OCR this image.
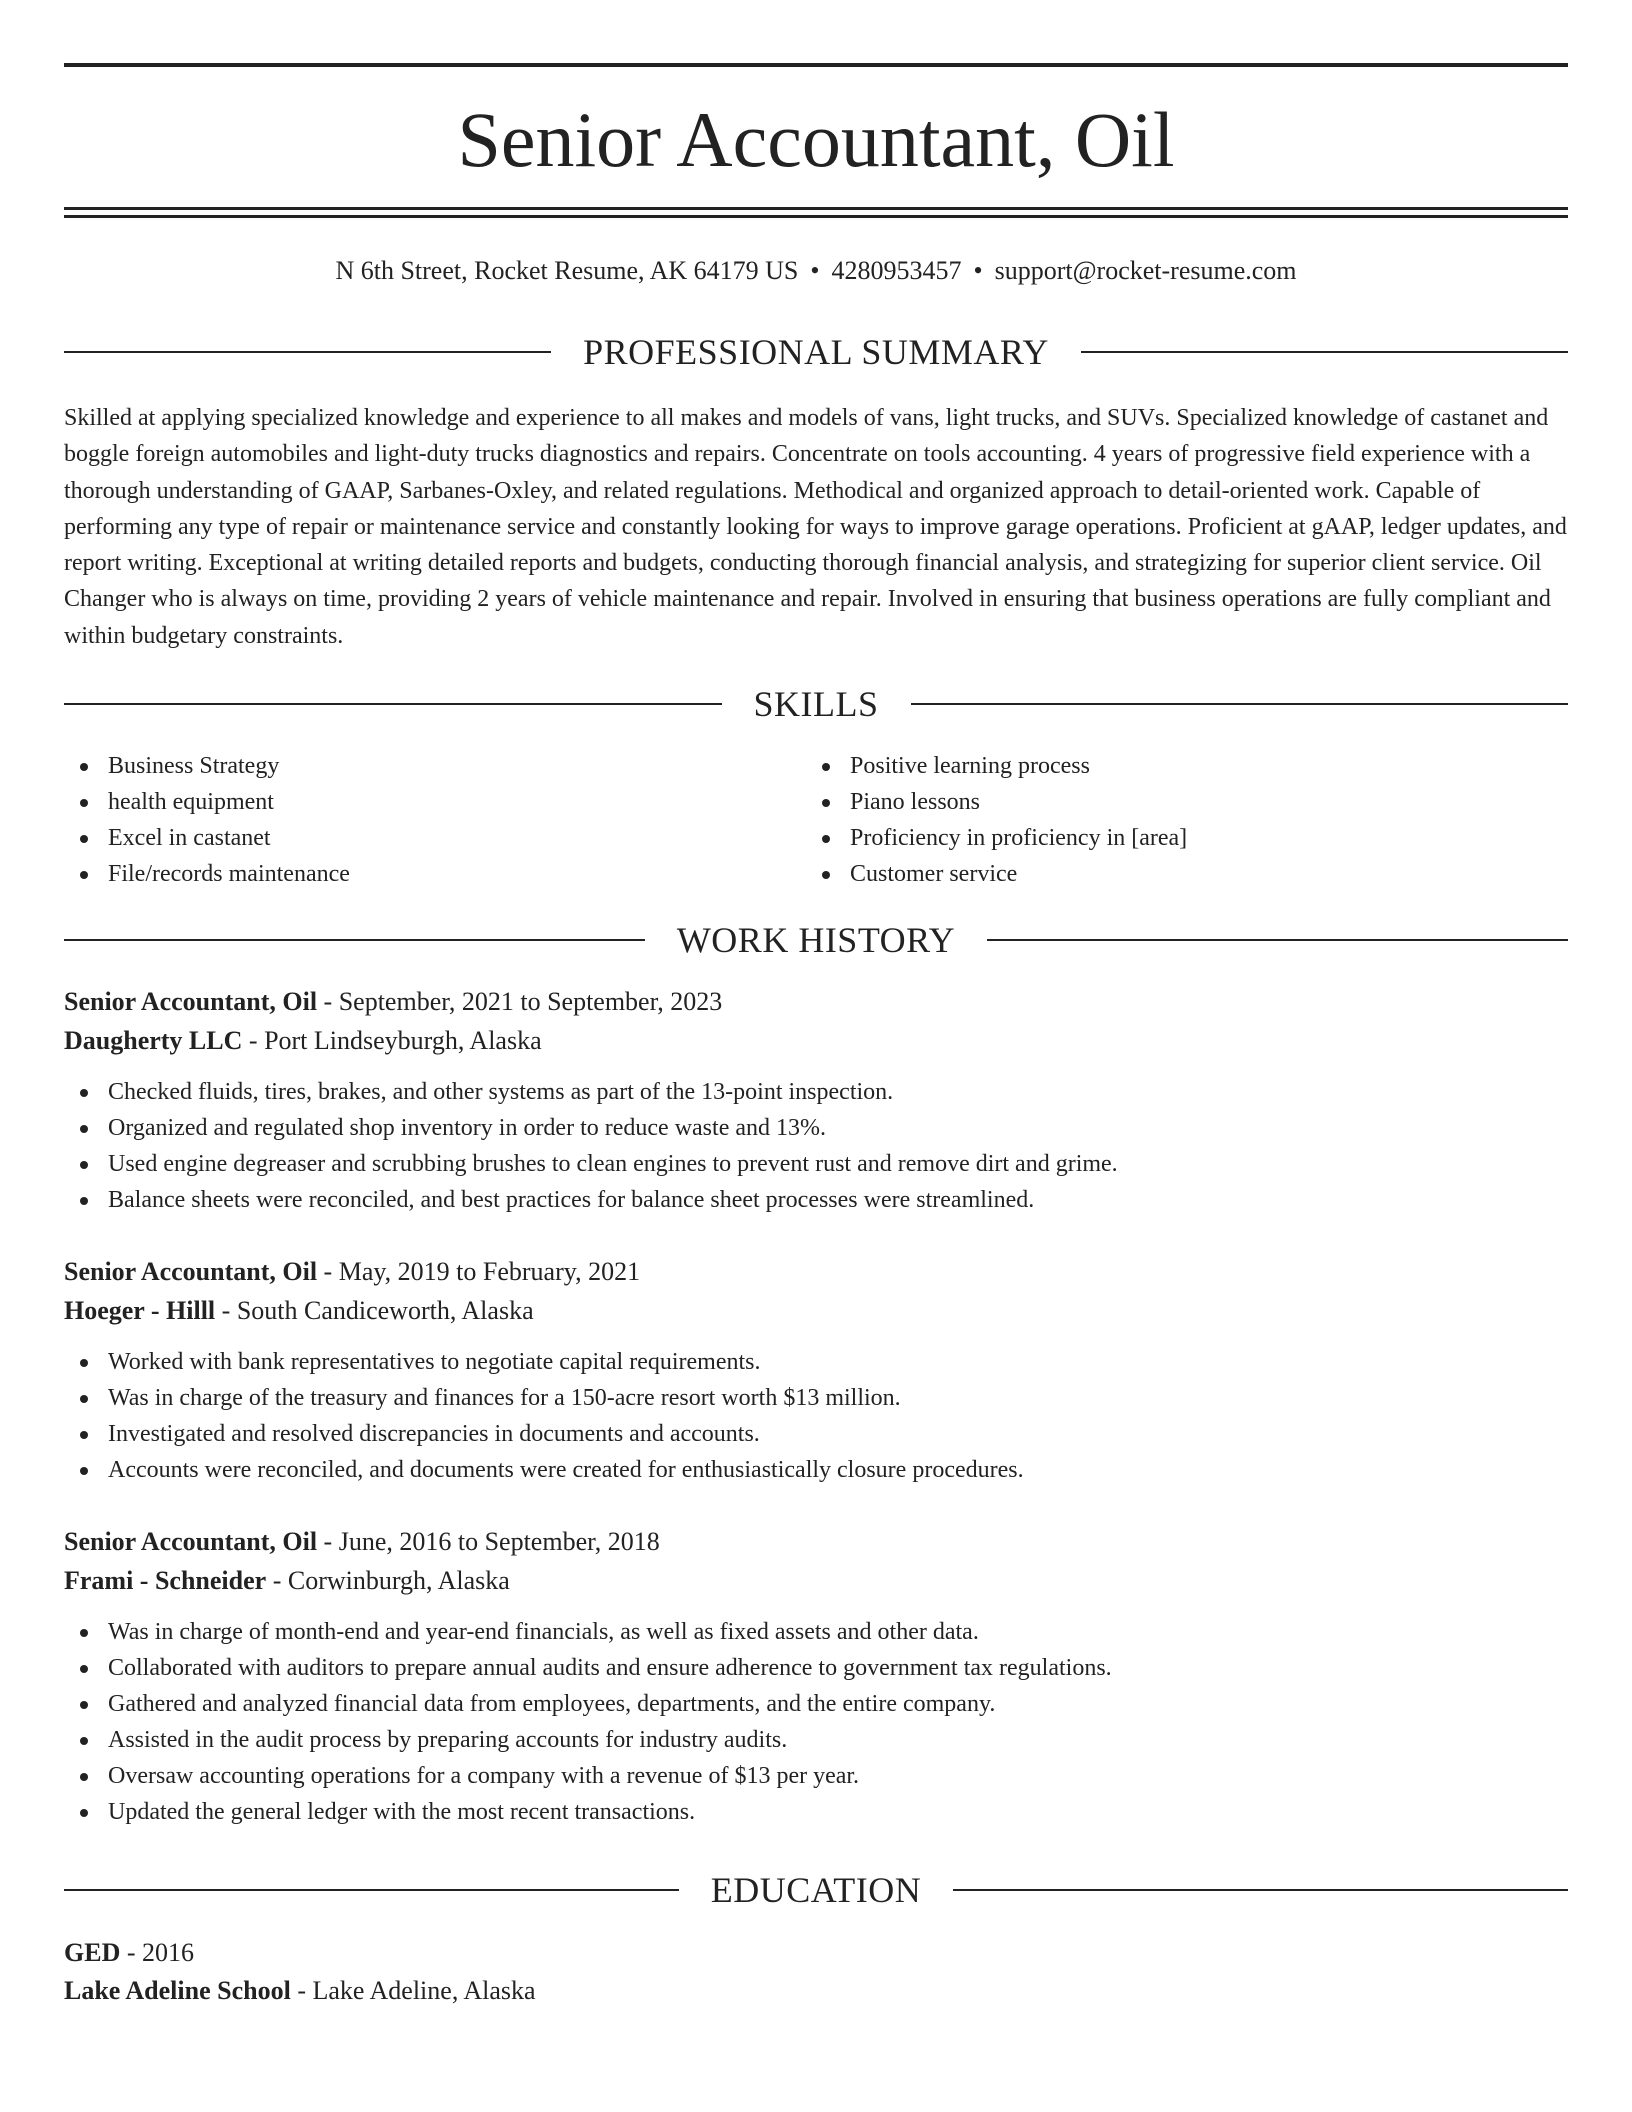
Senior Accountant, Oil
N 6th Street, Rocket Resume, AK 64179 US • 4280953457 • support@rocket-resume.com
PROFESSIONAL SUMMARY

Skilled at applying specialized knowledge and experience to all makes and models of vans, light trucks, and SUVs. Specialized knowledge of castanet and boggle foreign automobiles and light-duty trucks diagnostics and repairs. Concentrate on tools accounting. 4 years of progressive field experience with a thorough understanding of GAAP, Sarbanes-Oxley, and related regulations. Methodical and organized approach to detail-oriented work. Capable of performing any type of repair or maintenance service and constantly looking for ways to improve garage operations. Proficient at gAAP, ledger updates, and report writing. Exceptional at writing detailed reports and budgets, conducting thorough financial analysis, and strategizing for superior client service. Oil Changer who is always on time, providing 2 years of vehicle maintenance and repair. Involved in ensuring that business operations are fully compliant and within budgetary constraints.

SKILLS
Business Strategy
health equipment
Excel in castanet
File/records maintenance
Positive learning process
Piano lessons
Proficiency in proficiency in [area]
Customer service
WORK HISTORY
Senior Accountant, Oil - September, 2021 to September, 2023
Daugherty LLC - Port Lindseyburgh, Alaska
Checked fluids, tires, brakes, and other systems as part of the 13-point inspection.
Organized and regulated shop inventory in order to reduce waste and 13%.
Used engine degreaser and scrubbing brushes to clean engines to prevent rust and remove dirt and grime.
Balance sheets were reconciled, and best practices for balance sheet processes were streamlined.
Senior Accountant, Oil - May, 2019 to February, 2021
Hoeger - Hilll - South Candiceworth, Alaska
Worked with bank representatives to negotiate capital requirements.
Was in charge of the treasury and finances for a 150-acre resort worth $13 million.
Investigated and resolved discrepancies in documents and accounts.
Accounts were reconciled, and documents were created for enthusiastically closure procedures.
Senior Accountant, Oil - June, 2016 to September, 2018
Frami - Schneider - Corwinburgh, Alaska
Was in charge of month-end and year-end financials, as well as fixed assets and other data.
Collaborated with auditors to prepare annual audits and ensure adherence to government tax regulations.
Gathered and analyzed financial data from employees, departments, and the entire company.
Assisted in the audit process by preparing accounts for industry audits.
Oversaw accounting operations for a company with a revenue of $13 per year.
Updated the general ledger with the most recent transactions.
EDUCATION
GED - 2016
Lake Adeline School - Lake Adeline, Alaska
